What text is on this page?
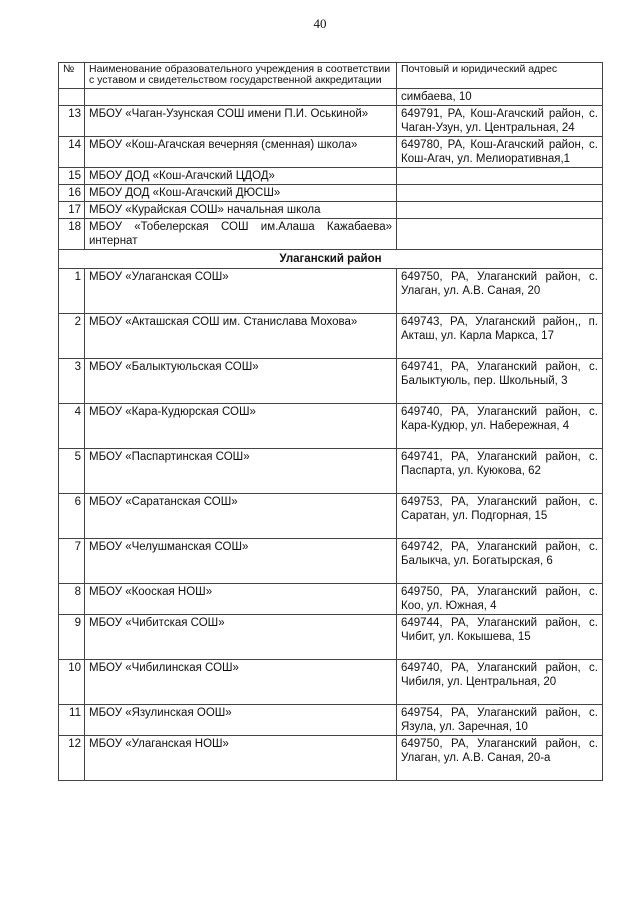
40
№	Наименование образовательного учреждения в соответствии с уставом и свидетельством государственной аккредитации	Почтовый и юридический адрес
		симбаева, 10
13	МБОУ «Чаган-Узунская СОШ имени П.И. Оськиной»	649791, РА, Кош-Агачский район, с. Чаган-Узун, ул. Центральная, 24
14	МБОУ «Кош-Агачская вечерняя (сменная) школа»	649780, РА, Кош-Агачский район, с. Кош-Агач, ул. Мелиоративная,1
15	МБОУ ДОД «Кош-Агачский ЦДОД»	
16	МБОУ ДОД «Кош-Агачский ДЮСШ»	
17	МБОУ «Курайская СОШ» начальная школа	
18	МБОУ «Тобелерская СОШ им.Алаша Кажабаева» интернат	
Улаганский район		
1	МБОУ «Улаганская СОШ»	649750, РА, Улаганский район, с. Улаган, ул. А.В. Саная, 20
2	МБОУ «Акташская СОШ им. Станислава Мохова»	649743, РА, Улаганский район,, п. Акташ, ул. Карла Маркса, 17
3	МБОУ «Балыктуюльская СОШ»	649741, РА, Улаганский район, с. Балыктуюль, пер. Школьный, 3
4	МБОУ «Кара-Кудюрская СОШ»	649740, РА, Улаганский район, с. Кара-Кудюр, ул. Набережная, 4
5	МБОУ «Паспартинская СОШ»	649741, РА, Улаганский район, с. Паспарта, ул. Куюкова, 62
6	МБОУ «Саратанская СОШ»	649753, РА, Улаганский район, с. Саратан, ул. Подгорная, 15
7	МБОУ «Челушманская СОШ»	649742, РА, Улаганский район, с. Балыкча, ул. Богатырская, 6
8	МБОУ «Кооская НОШ»	649750, РА, Улаганский район, с. Коо, ул. Южная, 4
9	МБОУ «Чибитская СОШ»	649744, РА, Улаганский район, с. Чибит, ул. Кокышева, 15
10	МБОУ «Чибилинская СОШ»	649740, РА, Улаганский район, с. Чибиля, ул. Центральная, 20
11	МБОУ «Язулинская ООШ»	649754, РА, Улаганский район, с. Язула, ул. Заречная, 10
12	МБОУ «Улаганская НОШ»	649750, РА, Улаганский район, с. Улаган, ул. А.В. Саная, 20-а
